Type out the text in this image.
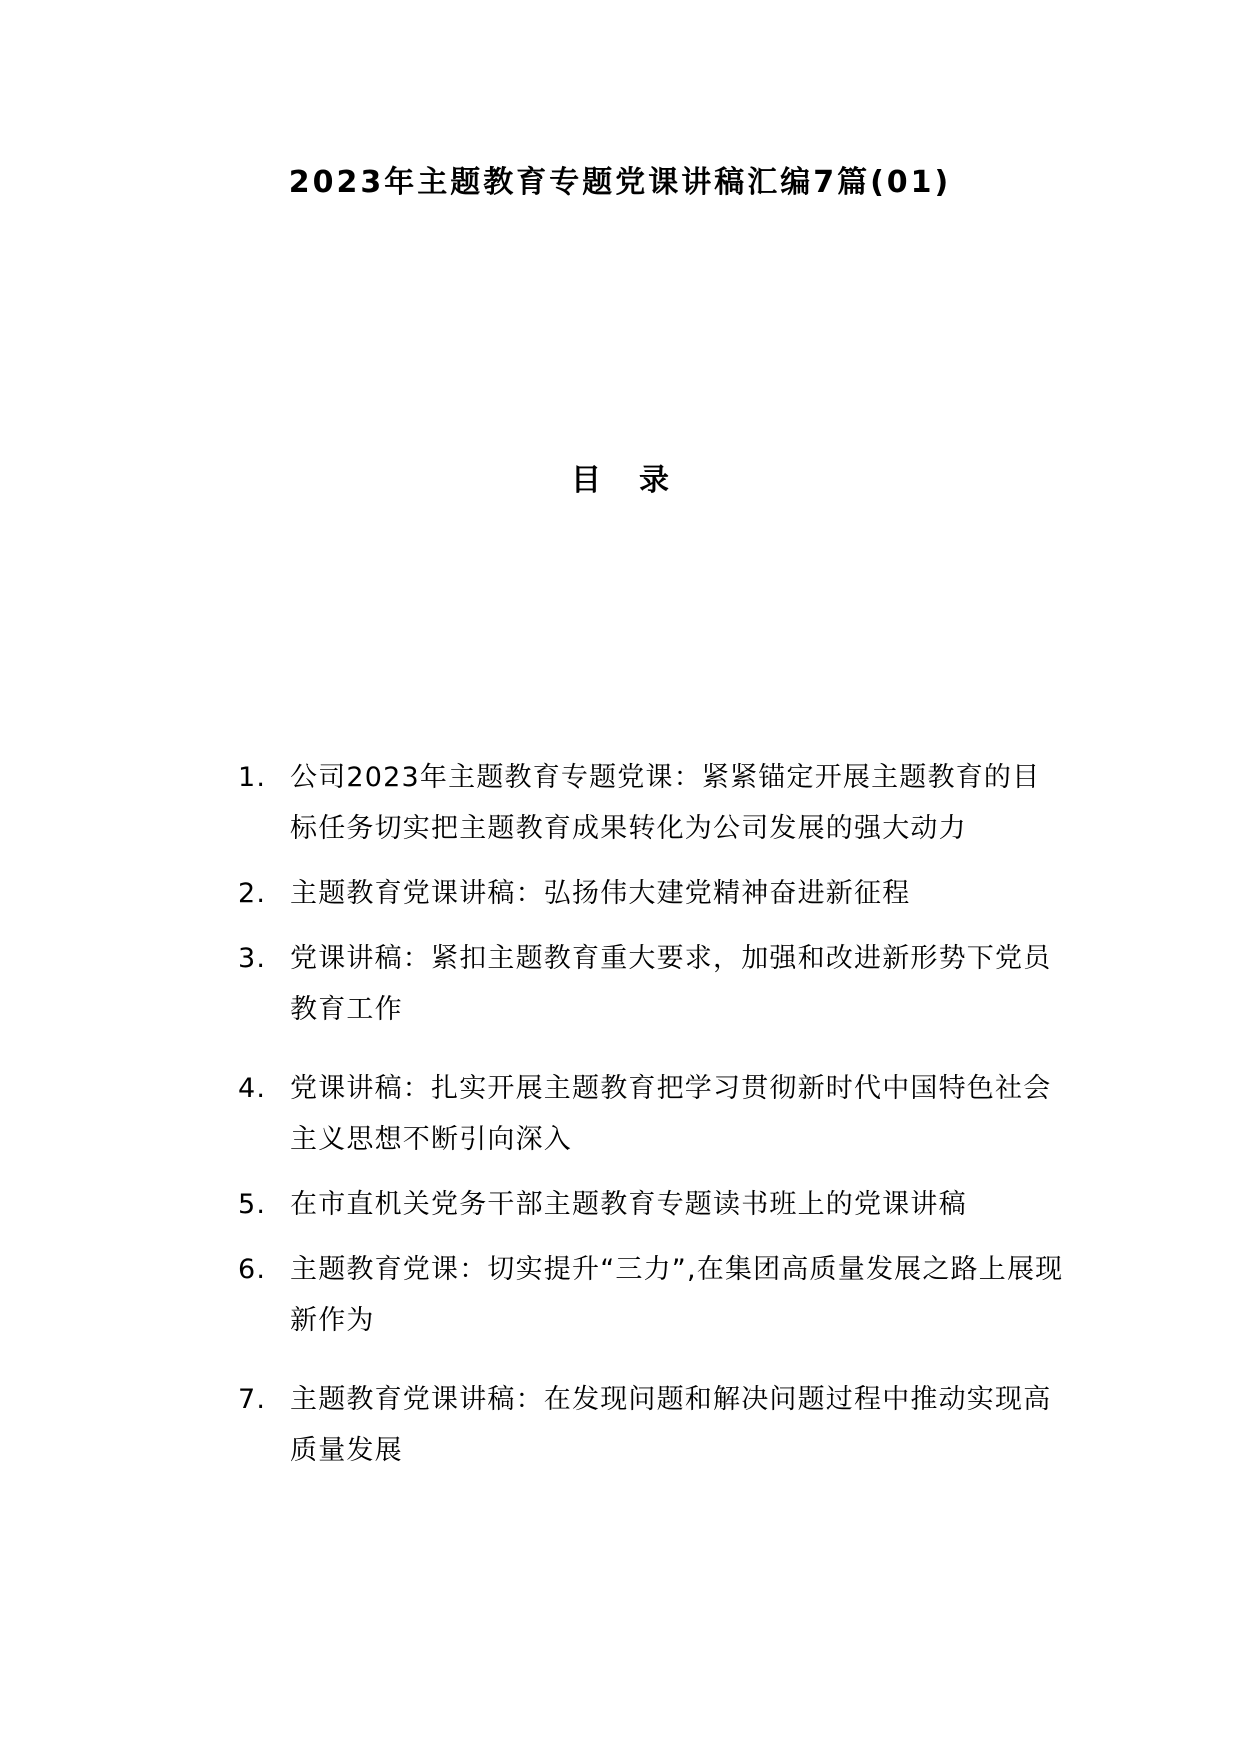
2023年主题教育专题党课讲稿汇编7篇(01)
目录
1. 公司2023年主题教育专题党课：紧紧锚定开展主题教育的目 标任务切实把主题教育成果转化为公司发展的强大动力
2. 主题教育党课讲稿：弘扬伟大建党精神奋进新征程
3. 党课讲稿：紧扣主题教育重大要求，加强和改进新形势下党员教育工作
4. 党课讲稿：扎实开展主题教育把学习贯彻新时代中国特色社会主义思想不断引向深入
5. 在市直机关党务干部主题教育专题读书班上的党课讲稿
6. 主题教育党课：切实提升“三力”,在集团高质量发展之路上展现新作为
7. 主题教育党课讲稿：在发现问题和解决问题过程中推动实现高质量发展
